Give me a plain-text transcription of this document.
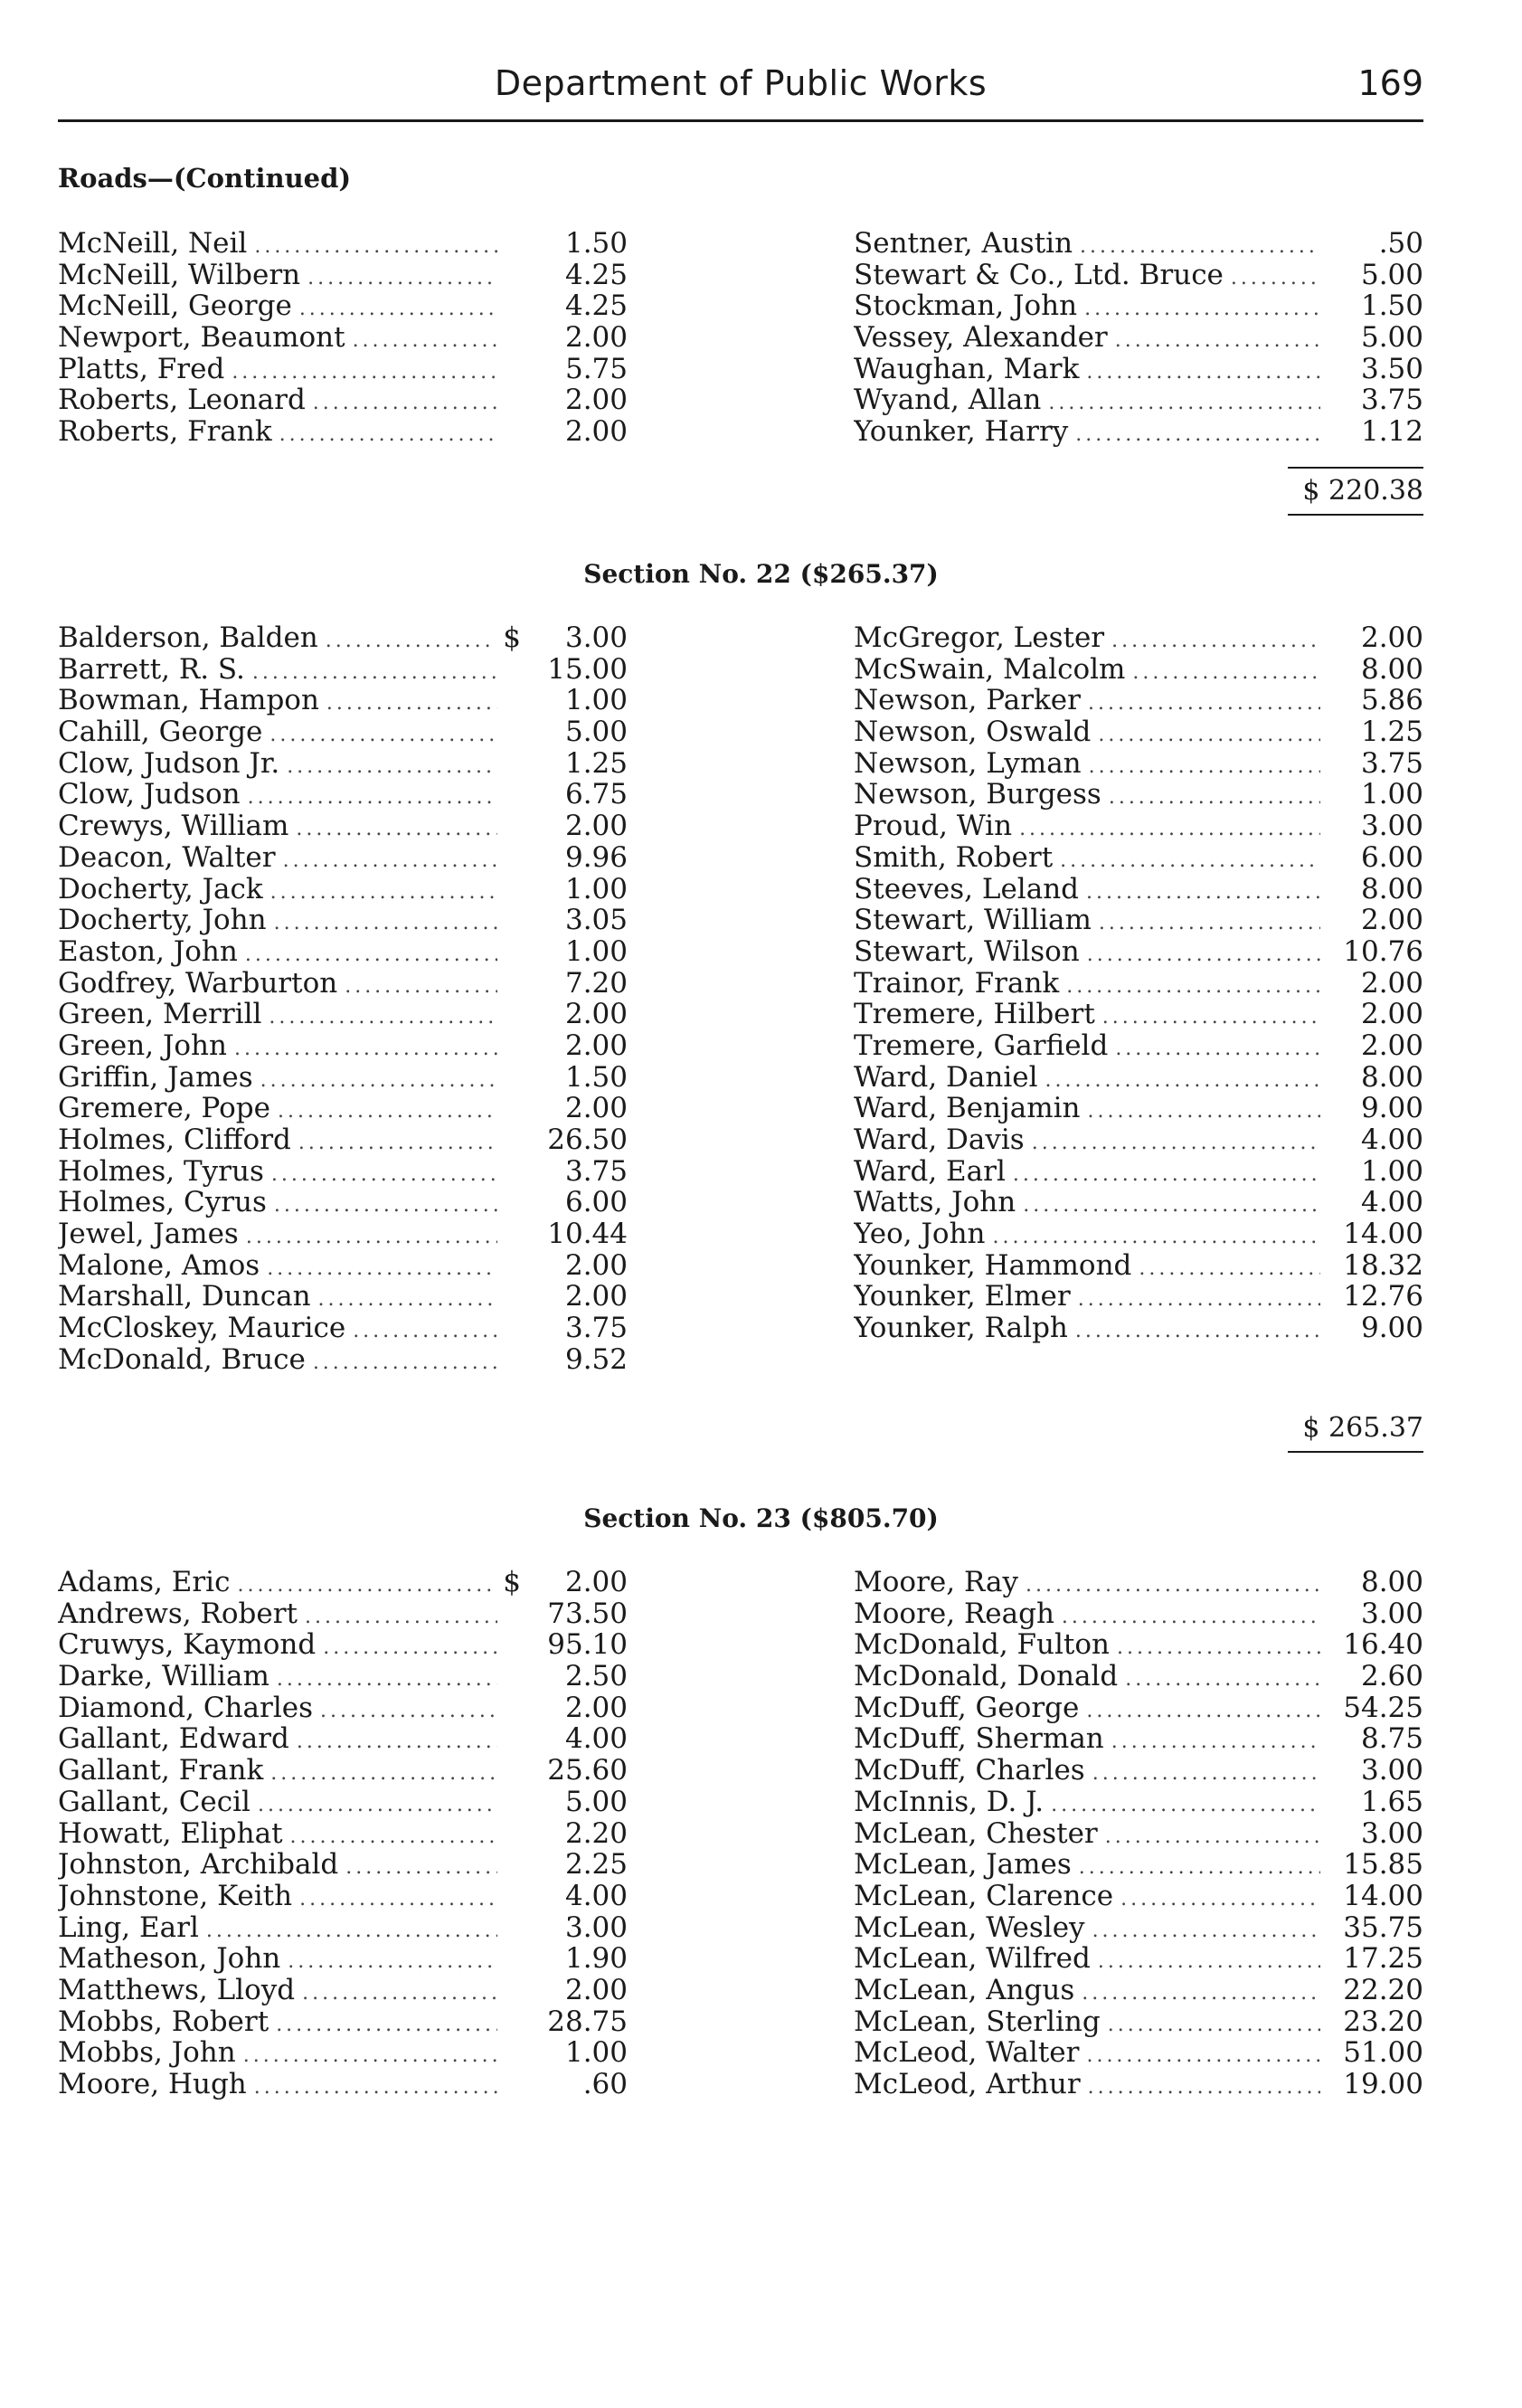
Department of Public Works	169
Roads—(Continued)
McNeill, Neil .....	1.50
McNeill, Wilbern .....	4.25
McNeill, George .....	4.25
Newport, Beaumont .....	2.00
Platts, Fred .....	5.75
Roberts, Leonard .....	2.00
Roberts, Frank .....	2.00
Sentner, Austin .....	.50
Stewart & Co., Ltd. Bruce .....	5.00
Stockman, John .....	1.50
Vessey, Alexander .....	5.00
Waughan, Mark .....	3.50
Wyand, Allan .....	3.75
Younker, Harry .....	1.12
$ 220.38
Section No. 22 ($265.37)
Balderson, Balden .....	$	3.00
Barrett, R. S. .....	15.00
Bowman, Hampon .....	1.00
Cahill, George .....	5.00
Clow, Judson Jr. .....	1.25
Clow, Judson .....	6.75
Crewys, William .....	2.00
Deacon, Walter .....	9.96
Docherty, Jack .....	1.00
Docherty, John .....	3.05
Easton, John .....	1.00
Godfrey, Warburton .....	7.20
Green, Merrill .....	2.00
Green, John .....	2.00
Griffin, James .....	1.50
Gremere, Pope .....	2.00
Holmes, Clifford .....	26.50
Holmes, Tyrus .....	3.75
Holmes, Cyrus .....	6.00
Jewel, James .....	10.44
Malone, Amos .....	2.00
Marshall, Duncan .....	2.00
McCloskey, Maurice .....	3.75
McDonald, Bruce .....	9.52
McGregor, Lester .....	2.00
McSwain, Malcolm .....	8.00
Newson, Parker .....	5.86
Newson, Oswald .....	1.25
Newson, Lyman .....	3.75
Newson, Burgess .....	1.00
Proud, Win .....	3.00
Smith, Robert .....	6.00
Steeves, Leland .....	8.00
Stewart, William .....	2.00
Stewart, Wilson .....	10.76
Trainor, Frank .....	2.00
Tremere, Hilbert .....	2.00
Tremere, Garfield .....	2.00
Ward, Daniel .....	8.00
Ward, Benjamin .....	9.00
Ward, Davis .....	4.00
Ward, Earl .....	1.00
Watts, John .....	4.00
Yeo, John .....	14.00
Younker, Hammond .....	18.32
Younker, Elmer .....	12.76
Younker, Ralph .....	9.00
$ 265.37
Section No. 23 ($805.70)
Adams, Eric .....	$	2.00
Andrews, Robert .....	73.50
Cruwys, Kaymond .....	95.10
Darke, William .....	2.50
Diamond, Charles .....	2.00
Gallant, Edward .....	4.00
Gallant, Frank .....	25.60
Gallant, Cecil .....	5.00
Howatt, Eliphat .....	2.20
Johnston, Archibald .....	2.25
Johnstone, Keith .....	4.00
Ling, Earl .....	3.00
Matheson, John .....	1.90
Matthews, Lloyd .....	2.00
Mobbs, Robert .....	28.75
Mobbs, John .....	1.00
Moore, Hugh .....	.60
Moore, Ray .....	8.00
Moore, Reagh .....	3.00
McDonald, Fulton .....	16.40
McDonald, Donald .....	2.60
McDuff, George .....	54.25
McDuff, Sherman .....	8.75
McDuff, Charles .....	3.00
McInnis, D. J. .....	1.65
McLean, Chester .....	3.00
McLean, James .....	15.85
McLean, Clarence .....	14.00
McLean, Wesley .....	35.75
McLean, Wilfred .....	17.25
McLean, Angus .....	22.20
McLean, Sterling .....	23.20
McLeod, Walter .....	51.00
McLeod, Arthur .....	19.00
